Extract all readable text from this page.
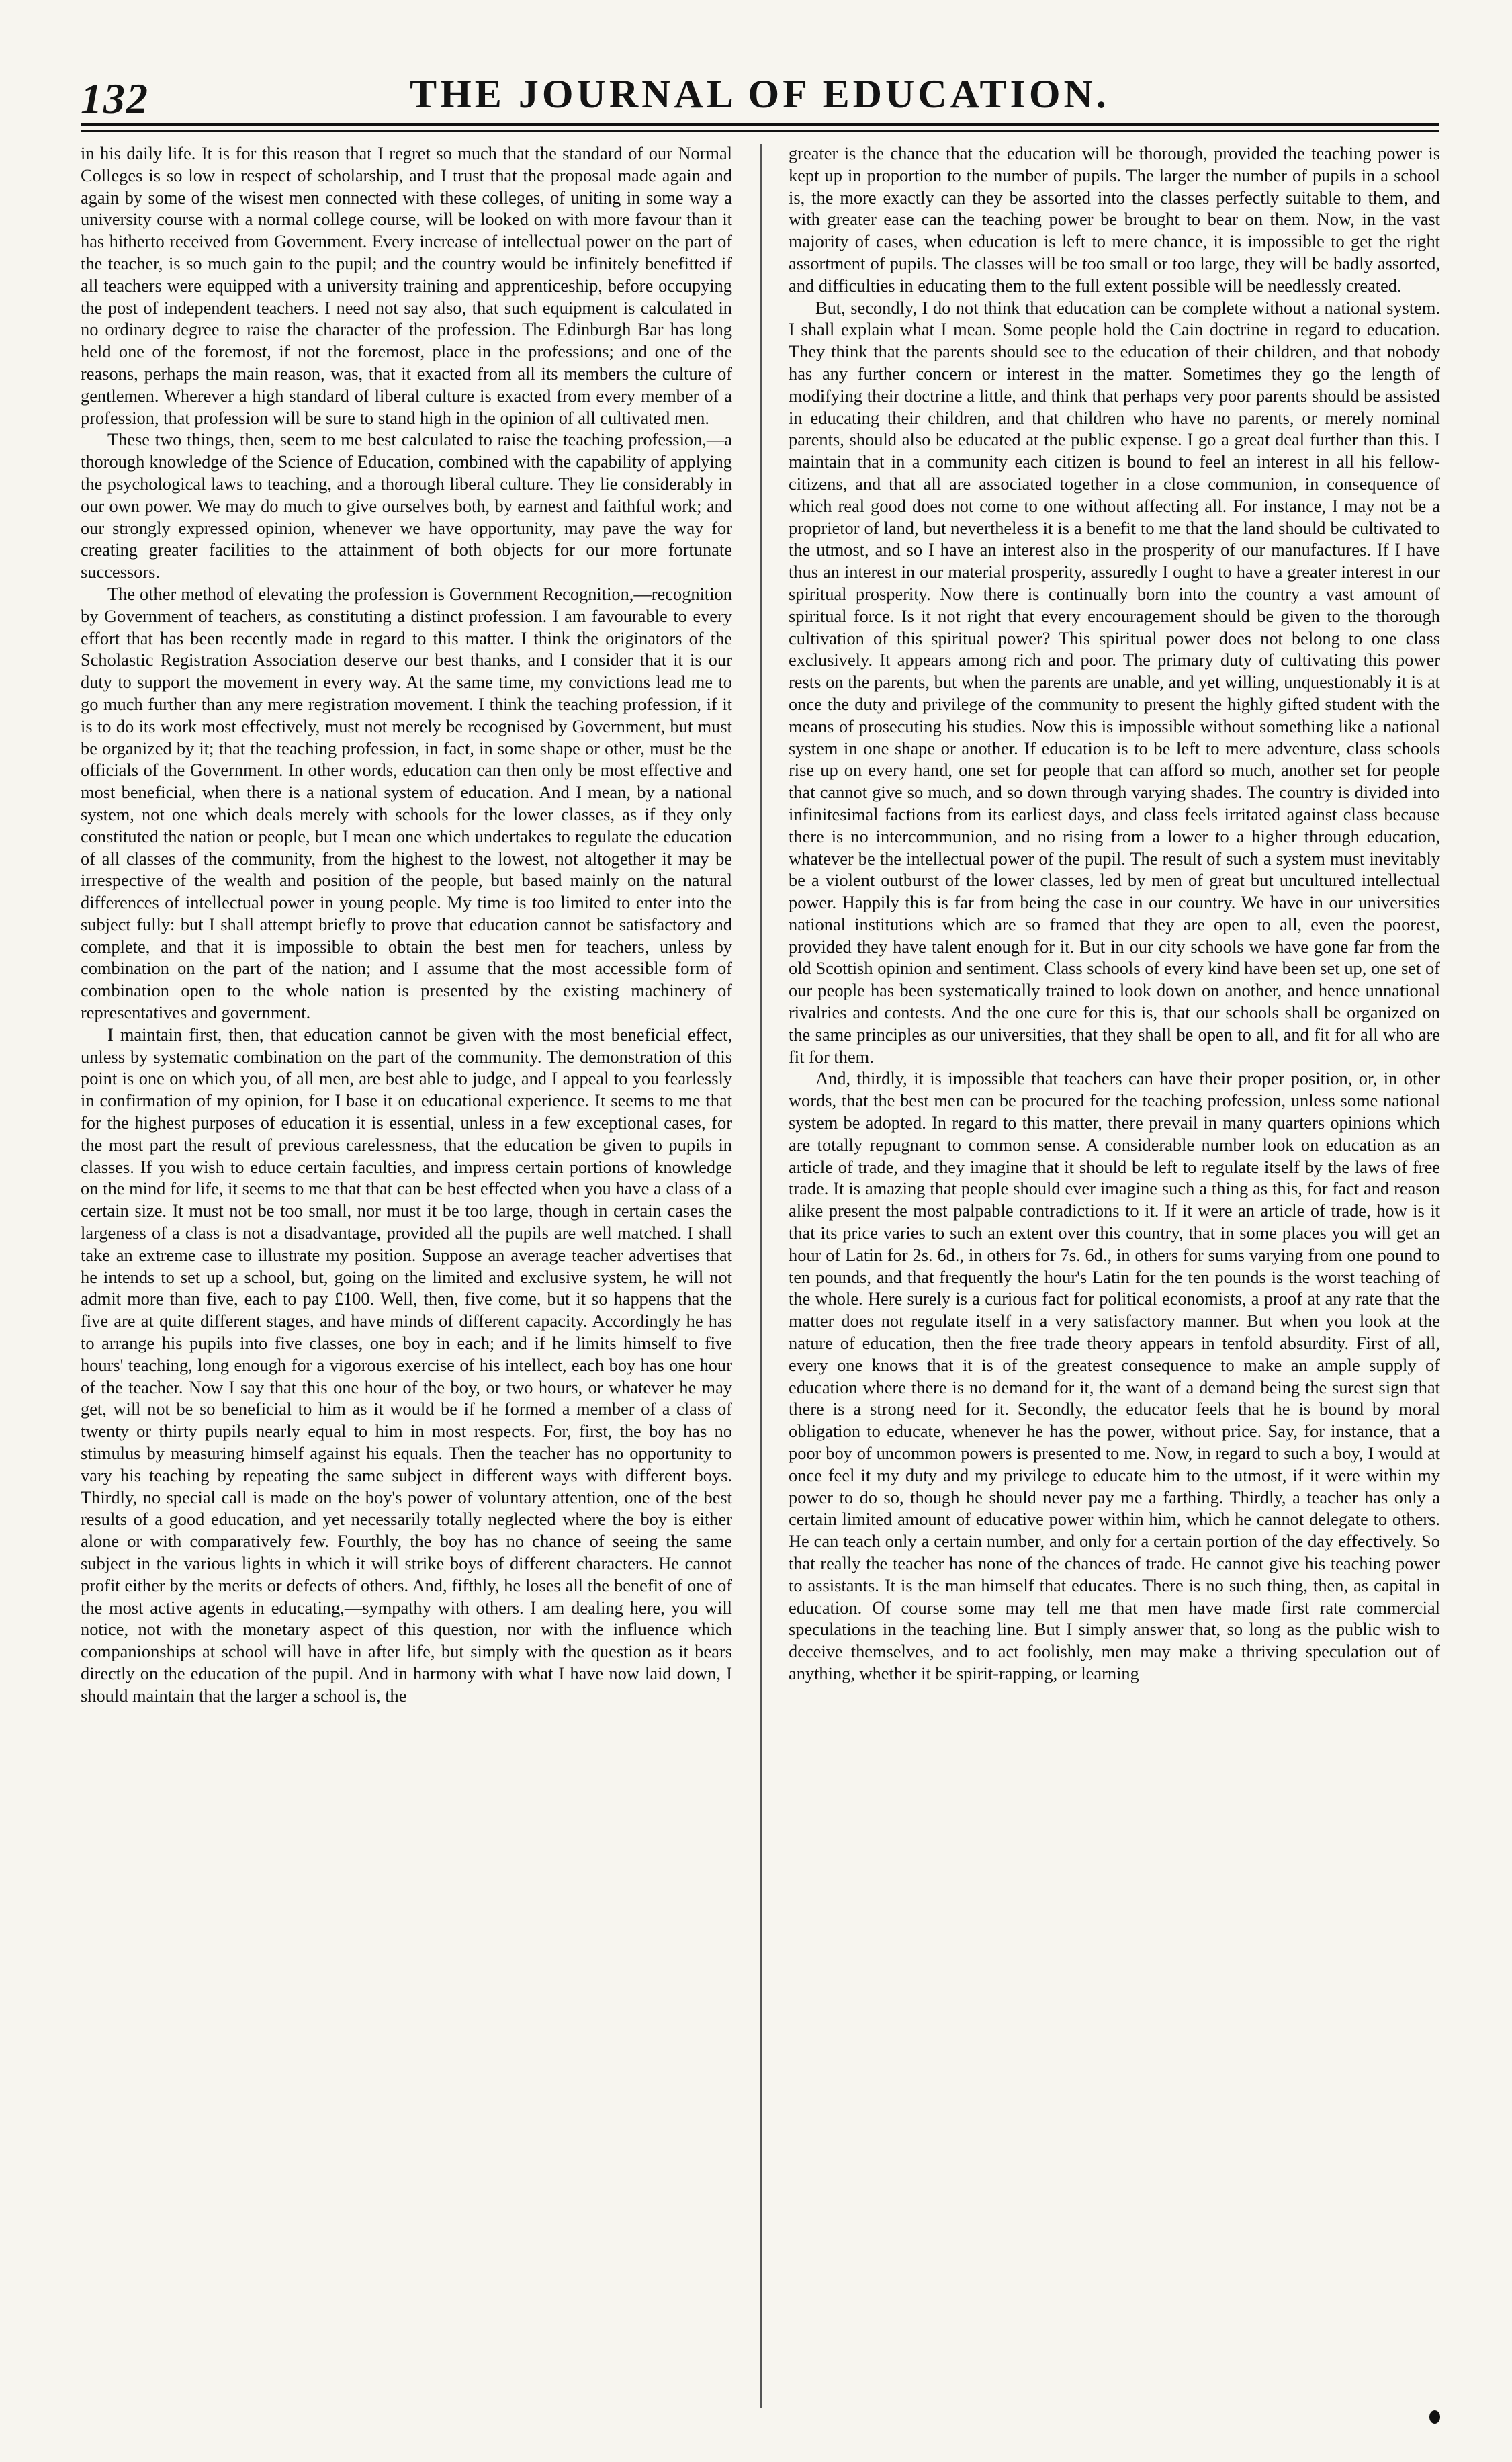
132	THE JOURNAL OF EDUCATION.

in his daily life. It is for this reason that I regret so much that the standard of our Normal Colleges is so low in respect of scholarship, and I trust that the proposal made again and again by some of the wisest men connected with these colleges, of uniting in some way a university course with a normal college course, will be looked on with more favour than it has hitherto received from Government. Every increase of intellectual power on the part of the teacher, is so much gain to the pupil; and the country would be infinitely benefitted if all teachers were equipped with a university training and apprenticeship, before occupying the post of independent teachers. I need not say also, that such equipment is calculated in no ordinary degree to raise the character of the profession. The Edinburgh Bar has long held one of the foremost, if not the foremost, place in the professions; and one of the reasons, perhaps the main reason, was, that it exacted from all its members the culture of gentlemen. Wherever a high standard of liberal culture is exacted from every member of a profession, that profession will be sure to stand high in the opinion of all cultivated men.

These two things, then, seem to me best calculated to raise the teaching profession,—a thorough knowledge of the Science of Education, combined with the capability of applying the psychological laws to teaching, and a thorough liberal culture. They lie considerably in our own power. We may do much to give ourselves both, by earnest and faithful work; and our strongly expressed opinion, whenever we have opportunity, may pave the way for creating greater facilities to the attainment of both objects for our more fortunate successors.

The other method of elevating the profession is Government Recognition,—recognition by Government of teachers, as constituting a distinct profession. I am favourable to every effort that has been recently made in regard to this matter. I think the originators of the Scholastic Registration Association deserve our best thanks, and I consider that it is our duty to support the movement in every way. At the same time, my convictions lead me to go much further than any mere registration movement. I think the teaching profession, if it is to do its work most effectively, must not merely be recognised by Government, but must be organized by it; that the teaching profession, in fact, in some shape or other, must be the officials of the Government. In other words, education can then only be most effective and most beneficial, when there is a national system of education. And I mean, by a national system, not one which deals merely with schools for the lower classes, as if they only constituted the nation or people, but I mean one which undertakes to regulate the education of all classes of the community, from the highest to the lowest, not altogether it may be irrespective of the wealth and position of the people, but based mainly on the natural differences of intellectual power in young people. My time is too limited to enter into the subject fully: but I shall attempt briefly to prove that education cannot be satisfactory and complete, and that it is impossible to obtain the best men for teachers, unless by combination on the part of the nation; and I assume that the most accessible form of combination open to the whole nation is presented by the existing machinery of representatives and government.

I maintain first, then, that education cannot be given with the most beneficial effect, unless by systematic combination on the part of the community. The demonstration of this point is one on which you, of all men, are best able to judge, and I appeal to you fearlessly in confirmation of my opinion, for I base it on educational experience. It seems to me that for the highest purposes of education it is essential, unless in a few exceptional cases, for the most part the result of previous carelessness, that the education be given to pupils in classes. If you wish to educe certain faculties, and impress certain portions of knowledge on the mind for life, it seems to me that that can be best effected when you have a class of a certain size. It must not be too small, nor must it be too large, though in certain cases the largeness of a class is not a disadvantage, provided all the pupils are well matched. I shall take an extreme case to illustrate my position. Suppose an average teacher advertises that he intends to set up a school, but, going on the limited and exclusive system, he will not admit more than five, each to pay £100. Well, then, five come, but it so happens that the five are at quite different stages, and have minds of different capacity. Accordingly he has to arrange his pupils into five classes, one boy in each; and if he limits himself to five hours' teaching, long enough for a vigorous exercise of his intellect, each boy has one hour of the teacher. Now I say that this one hour of the boy, or two hours, or whatever he may get, will not be so beneficial to him as it would be if he formed a member of a class of twenty or thirty pupils nearly equal to him in most respects. For, first, the boy has no stimulus by measuring himself against his equals. Then the teacher has no opportunity to vary his teaching by repeating the same subject in different ways with different boys. Thirdly, no special call is made on the boy's power of voluntary attention, one of the best results of a good education, and yet necessarily totally neglected where the boy is either alone or with comparatively few. Fourthly, the boy has no chance of seeing the same subject in the various lights in which it will strike boys of different characters. He cannot profit either by the merits or defects of others. And, fifthly, he loses all the benefit of one of the most active agents in educating,—sympathy with others. I am dealing here, you will notice, not with the monetary aspect of this question, nor with the influence which companionships at school will have in after life, but simply with the question as it bears directly on the education of the pupil. And in harmony with what I have now laid down, I should maintain that the larger a school is, the

greater is the chance that the education will be thorough, provided the teaching power is kept up in proportion to the number of pupils. The larger the number of pupils in a school is, the more exactly can they be assorted into the classes perfectly suitable to them, and with greater ease can the teaching power be brought to bear on them. Now, in the vast majority of cases, when education is left to mere chance, it is impossible to get the right assortment of pupils. The classes will be too small or too large, they will be badly assorted, and difficulties in educating them to the full extent possible will be needlessly created.

But, secondly, I do not think that education can be complete without a national system. I shall explain what I mean. Some people hold the Cain doctrine in regard to education. They think that the parents should see to the education of their children, and that nobody has any further concern or interest in the matter. Sometimes they go the length of modifying their doctrine a little, and think that perhaps very poor parents should be assisted in educating their children, and that children who have no parents, or merely nominal parents, should also be educated at the public expense. I go a great deal further than this. I maintain that in a community each citizen is bound to feel an interest in all his fellow-citizens, and that all are associated together in a close communion, in consequence of which real good does not come to one without affecting all. For instance, I may not be a proprietor of land, but nevertheless it is a benefit to me that the land should be cultivated to the utmost, and so I have an interest also in the prosperity of our manufactures. If I have thus an interest in our material prosperity, assuredly I ought to have a greater interest in our spiritual prosperity. Now there is continually born into the country a vast amount of spiritual force. Is it not right that every encouragement should be given to the thorough cultivation of this spiritual power? This spiritual power does not belong to one class exclusively. It appears among rich and poor. The primary duty of cultivating this power rests on the parents, but when the parents are unable, and yet willing, unquestionably it is at once the duty and privilege of the community to present the highly gifted student with the means of prosecuting his studies. Now this is impossible without something like a national system in one shape or another. If education is to be left to mere adventure, class schools rise up on every hand, one set for people that can afford so much, another set for people that cannot give so much, and so down through varying shades. The country is divided into infinitesimal factions from its earliest days, and class feels irritated against class because there is no intercommunion, and no rising from a lower to a higher through education, whatever be the intellectual power of the pupil. The result of such a system must inevitably be a violent outburst of the lower classes, led by men of great but uncultured intellectual power. Happily this is far from being the case in our country. We have in our universities national institutions which are so framed that they are open to all, even the poorest, provided they have talent enough for it. But in our city schools we have gone far from the old Scottish opinion and sentiment. Class schools of every kind have been set up, one set of our people has been systematically trained to look down on another, and hence unnational rivalries and contests. And the one cure for this is, that our schools shall be organized on the same principles as our universities, that they shall be open to all, and fit for all who are fit for them.

And, thirdly, it is impossible that teachers can have their proper position, or, in other words, that the best men can be procured for the teaching profession, unless some national system be adopted. In regard to this matter, there prevail in many quarters opinions which are totally repugnant to common sense. A considerable number look on education as an article of trade, and they imagine that it should be left to regulate itself by the laws of free trade. It is amazing that people should ever imagine such a thing as this, for fact and reason alike present the most palpable contradictions to it. If it were an article of trade, how is it that its price varies to such an extent over this country, that in some places you will get an hour of Latin for 2s. 6d., in others for 7s. 6d., in others for sums varying from one pound to ten pounds, and that frequently the hour's Latin for the ten pounds is the worst teaching of the whole. Here surely is a curious fact for political economists, a proof at any rate that the matter does not regulate itself in a very satisfactory manner. But when you look at the nature of education, then the free trade theory appears in tenfold absurdity. First of all, every one knows that it is of the greatest consequence to make an ample supply of education where there is no demand for it, the want of a demand being the surest sign that there is a strong need for it. Secondly, the educator feels that he is bound by moral obligation to educate, whenever he has the power, without price. Say, for instance, that a poor boy of uncommon powers is presented to me. Now, in regard to such a boy, I would at once feel it my duty and my privilege to educate him to the utmost, if it were within my power to do so, though he should never pay me a farthing. Thirdly, a teacher has only a certain limited amount of educative power within him, which he cannot delegate to others. He can teach only a certain number, and only for a certain portion of the day effectively. So that really the teacher has none of the chances of trade. He cannot give his teaching power to assistants. It is the man himself that educates. There is no such thing, then, as capital in education. Of course some may tell me that men have made first rate commercial speculations in the teaching line. But I simply answer that, so long as the public wish to deceive themselves, and to act foolishly, men may make a thriving speculation out of anything, whether it be spirit-rapping, or learning
